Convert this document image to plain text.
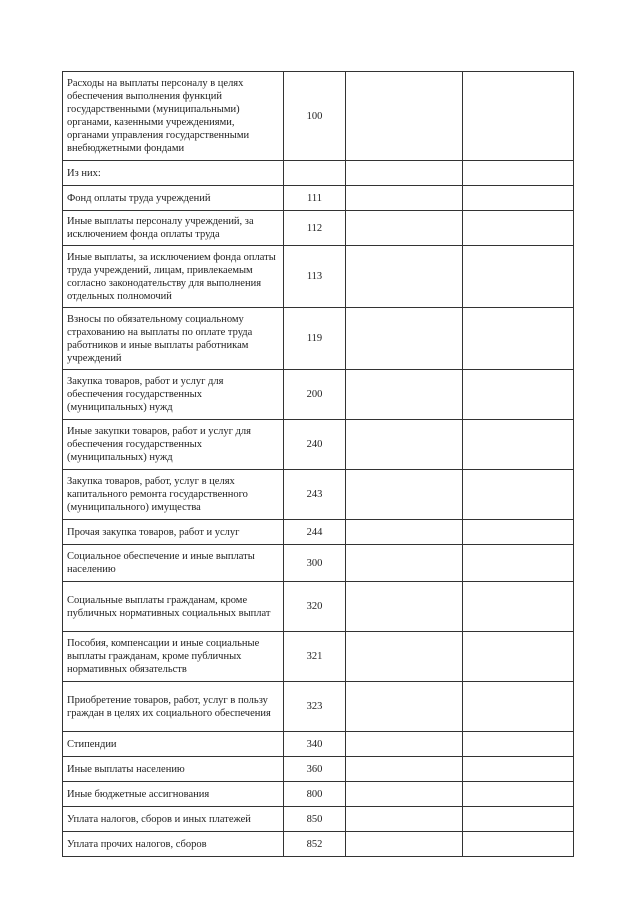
Расходы на выплаты персоналу в целях обеспечения выполнения функций государственными (муниципальными) органами, казенными учреждениями, органами управления государственными внебюджетными фондами	100		
Из них:			
Фонд оплаты труда учреждений	111		
Иные выплаты персоналу учреждений, за исключением фонда оплаты труда	112		
Иные выплаты, за исключением фонда оплаты труда учреждений, лицам, привлекаемым согласно законодательству для выполнения отдельных полномочий	113		
Взносы по обязательному социальному страхованию на выплаты по оплате труда работников и иные выплаты работникам учреждений	119		
Закупка товаров, работ и услуг для обеспечения государственных (муниципальных) нужд	200		
Иные закупки товаров, работ и услуг для обеспечения государственных (муниципальных) нужд	240		
Закупка товаров, работ, услуг в целях капитального ремонта государственного (муниципального) имущества	243		
Прочая закупка товаров, работ и услуг	244		
Социальное обеспечение и иные выплаты населению	300		
Социальные выплаты гражданам, кроме публичных нормативных социальных выплат	320		
Пособия, компенсации и иные социальные выплаты гражданам, кроме публичных нормативных обязательств	321		
Приобретение товаров, работ, услуг в пользу граждан в целях их социального обеспечения	323		
Стипендии	340		
Иные выплаты населению	360		
Иные бюджетные ассигнования	800		
Уплата налогов, сборов и иных платежей	850		
Уплата прочих налогов, сборов	852		
